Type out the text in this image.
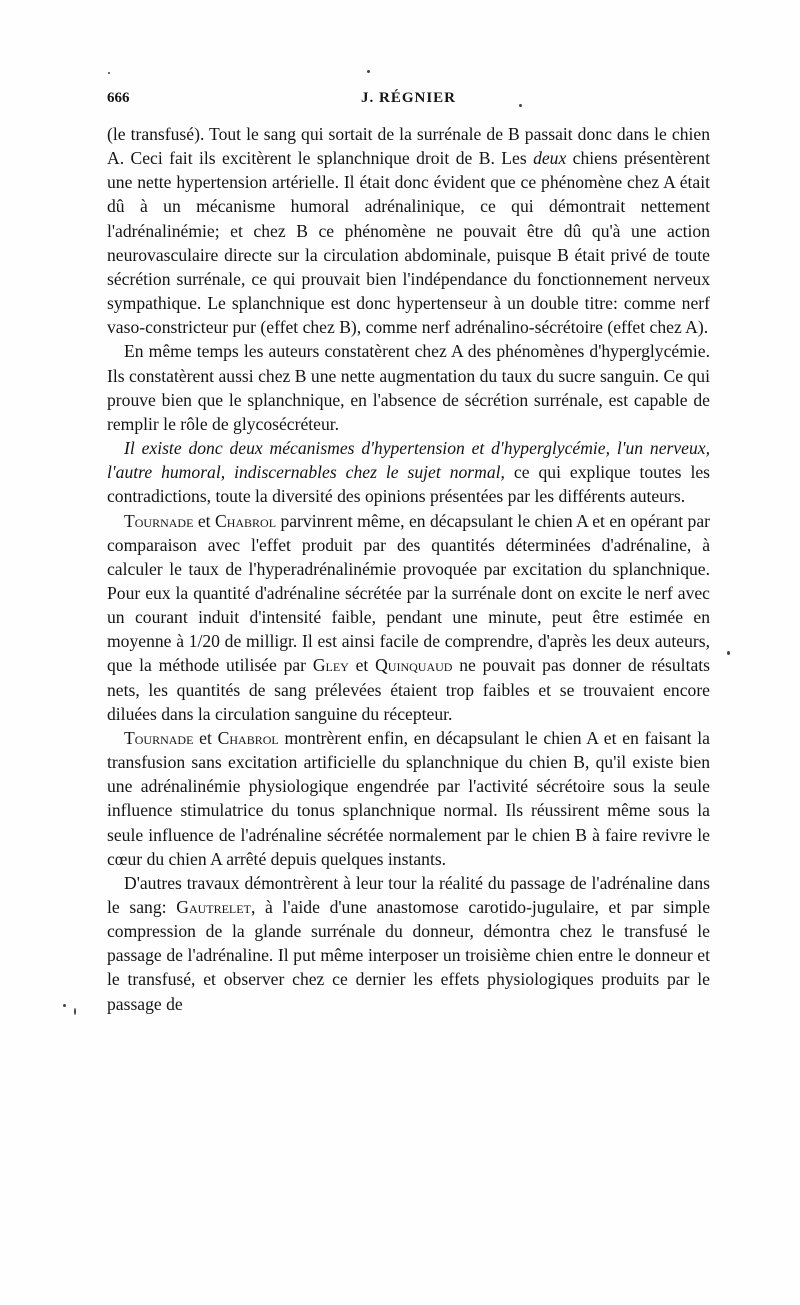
666	J. RÉGNIER

(le transfusé). Tout le sang qui sortait de la surrénale de B passait donc dans le chien A. Ceci fait ils excitèrent le splanchnique droit de B. Les deux chiens présentèrent une nette hypertension artérielle. Il était donc évident que ce phénomène chez A était dû à un mécanisme humoral adrénalinique, ce qui démontrait nettement l'adrénalinémie; et chez B ce phénomène ne pouvait être dû qu'à une action neurovasculaire directe sur la circulation abdominale, puisque B était privé de toute sécrétion surrénale, ce qui prouvait bien l'indépendance du fonctionnement nerveux sympathique. Le splanchnique est donc hypertenseur à un double titre: comme nerf vaso-constricteur pur (effet chez B), comme nerf adrénalino-sécrétoire (effet chez A).

En même temps les auteurs constatèrent chez A des phénomènes d'hyperglycémie. Ils constatèrent aussi chez B une nette augmentation du taux du sucre sanguin. Ce qui prouve bien que le splanchnique, en l'absence de sécrétion surrénale, est capable de remplir le rôle de glycosécréteur.

Il existe donc deux mécanismes d'hypertension et d'hyperglycémie, l'un nerveux, l'autre humoral, indiscernables chez le sujet normal, ce qui explique toutes les contradictions, toute la diversité des opinions présentées par les différents auteurs.

Tournade et Chabrol parvinrent même, en décapsulant le chien A et en opérant par comparaison avec l'effet produit par des quantités déterminées d'adrénaline, à calculer le taux de l'hyperadrénalinémie provoquée par excitation du splanchnique. Pour eux la quantité d'adrénaline sécrétée par la surrénale dont on excite le nerf avec un courant induit d'intensité faible, pendant une minute, peut être estimée en moyenne à 1/20 de milligr. Il est ainsi facile de comprendre, d'après les deux auteurs, que la méthode utilisée par Gley et Quinquaud ne pouvait pas donner de résultats nets, les quantités de sang prélevées étaient trop faibles et se trouvaient encore diluées dans la circulation sanguine du récepteur.

Tournade et Chabrol montrèrent enfin, en décapsulant le chien A et en faisant la transfusion sans excitation artificielle du splanchnique du chien B, qu'il existe bien une adrénalinémie physiologique engendrée par l'activité sécrétoire sous la seule influence stimulatrice du tonus splanchnique normal. Ils réussirent même sous la seule influence de l'adrénaline sécrétée normalement par le chien B à faire revivre le cœur du chien A arrêté depuis quelques instants.

D'autres travaux démontrèrent à leur tour la réalité du passage de l'adrénaline dans le sang: Gautrelet, à l'aide d'une anastomose carotido-jugulaire, et par simple compression de la glande surrénale du donneur, démontra chez le transfusé le passage de l'adrénaline. Il put même interposer un troisième chien entre le donneur et le transfusé, et observer chez ce dernier les effets physiologiques produits par le passage de
